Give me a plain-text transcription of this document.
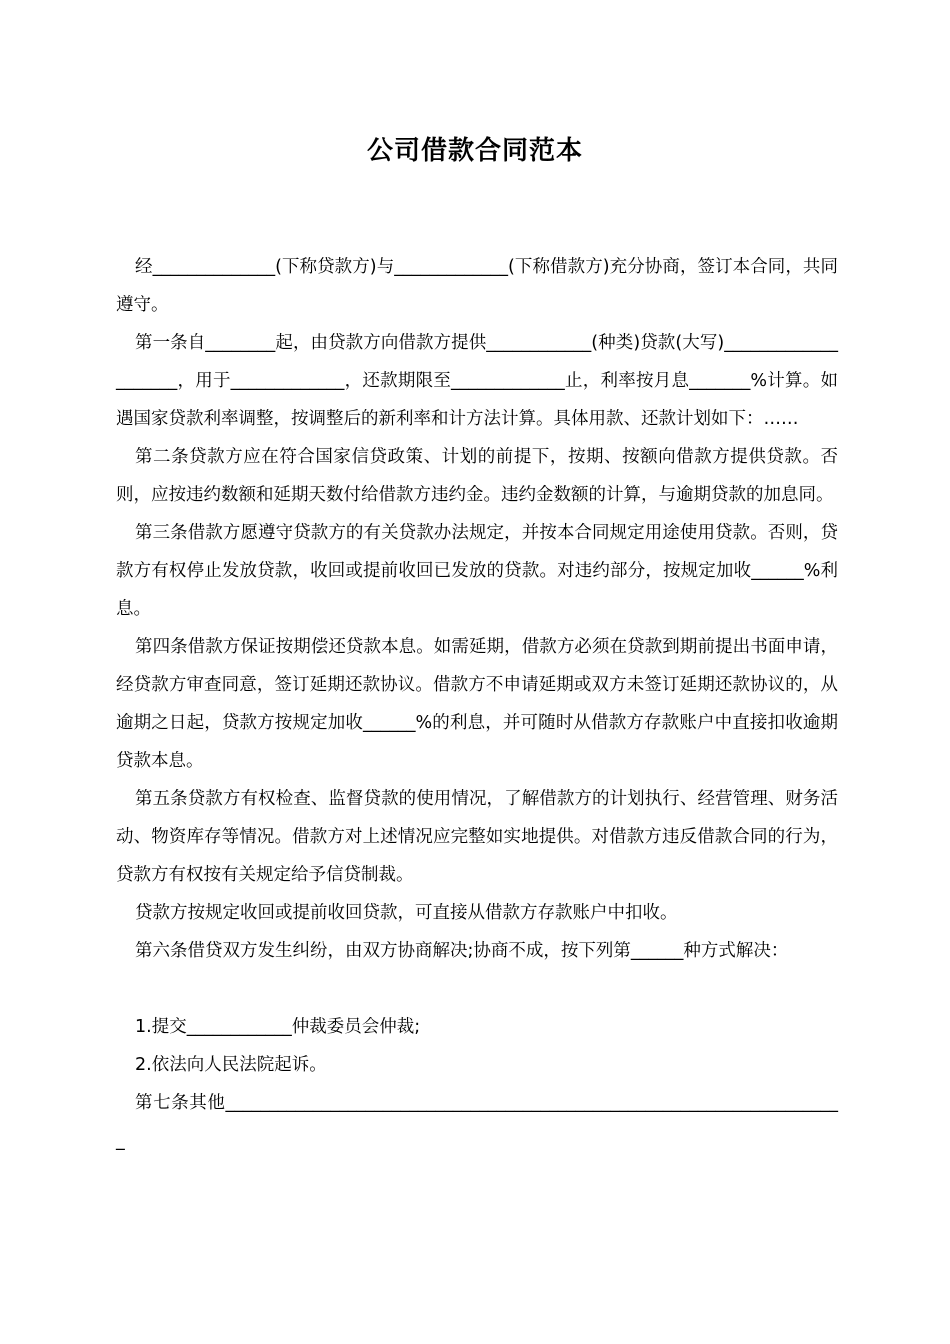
公司借款合同范本

经______________(下称贷款方)与_____________(下称借款方)充分协商，签订本合同，共同遵守。

第一条自________起，由贷款方向借款方提供____________(种类)贷款(大写)____________________，用于_____________，还款期限至_____________止，利率按月息_______%计算。如遇国家贷款利率调整，按调整后的新利率和计方法计算。具体用款、还款计划如下：……

第二条贷款方应在符合国家信贷政策、计划的前提下，按期、按额向借款方提供贷款。否则，应按违约数额和延期天数付给借款方违约金。违约金数额的计算，与逾期贷款的加息同。

第三条借款方愿遵守贷款方的有关贷款办法规定，并按本合同规定用途使用贷款。否则，贷款方有权停止发放贷款，收回或提前收回已发放的贷款。对违约部分，按规定加收______%利息。

第四条借款方保证按期偿还贷款本息。如需延期，借款方必须在贷款到期前提出书面申请，经贷款方审查同意，签订延期还款协议。借款方不申请延期或双方未签订延期还款协议的，从逾期之日起，贷款方按规定加收______%的利息，并可随时从借款方存款账户中直接扣收逾期贷款本息。

第五条贷款方有权检查、监督贷款的使用情况，了解借款方的计划执行、经营管理、财务活动、物资库存等情况。借款方对上述情况应完整如实地提供。对借款方违反借款合同的行为，贷款方有权按有关规定给予信贷制裁。

贷款方按规定收回或提前收回贷款，可直接从借款方存款账户中扣收。

第六条借贷双方发生纠纷，由双方协商解决;协商不成，按下列第______种方式解决：

1.提交____________仲裁委员会仲裁;

2.依法向人民法院起诉。

第七条其他_______________________________________________________________________
